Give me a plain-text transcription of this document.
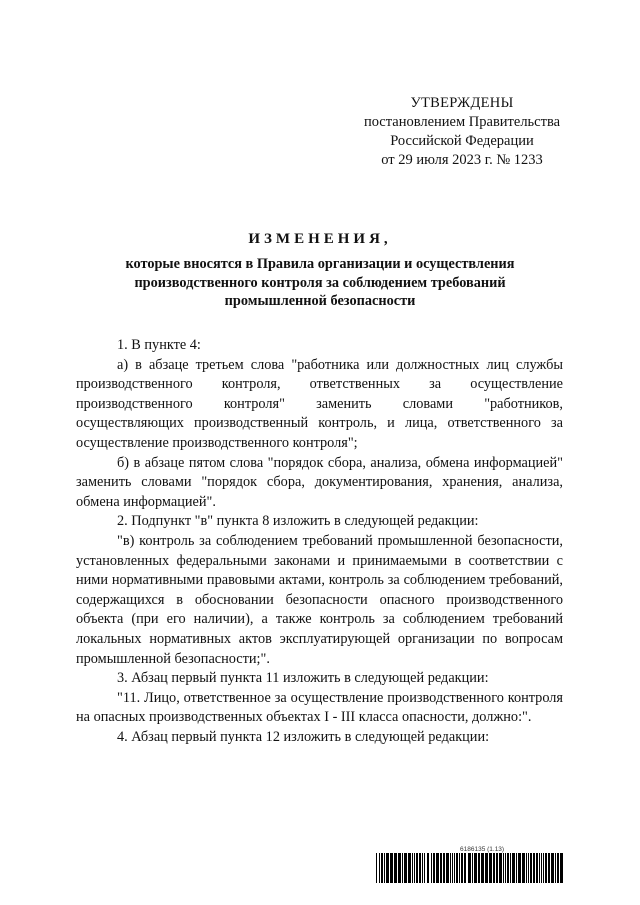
УТВЕРЖДЕНЫ
постановлением Правительства
Российской Федерации
от 29 июля 2023 г. № 1233
ИЗМЕНЕНИЯ,
которые вносятся в Правила организации и осуществления производственного контроля за соблюдением требований промышленной безопасности

1. В пункте 4:

а) в абзаце третьем слова "работника или должностных лиц службы производственного контроля, ответственных за осуществление производственного контроля" заменить словами "работников, осуществляющих производственный контроль, и лица, ответственного за осуществление производственного контроля";

б) в абзаце пятом слова "порядок сбора, анализа, обмена информацией" заменить словами "порядок сбора, документирования, хранения, анализа, обмена информацией".

2. Подпункт "в" пункта 8 изложить в следующей редакции:

"в) контроль за соблюдением требований промышленной безопасности, установленных федеральными законами и принимаемыми в соответствии с ними нормативными правовыми актами, контроль за соблюдением требований, содержащихся в обосновании безопасности опасного производственного объекта (при его наличии), а также контроль за соблюдением требований локальных нормативных актов эксплуатирующей организации по вопросам промышленной безопасности;".

3. Абзац первый пункта 11 изложить в следующей редакции:

"11. Лицо, ответственное за осуществление производственного контроля на опасных производственных объектах I - III класса опасности, должно:".

4. Абзац первый пункта 12 изложить в следующей редакции:

6186135 (1.13)
